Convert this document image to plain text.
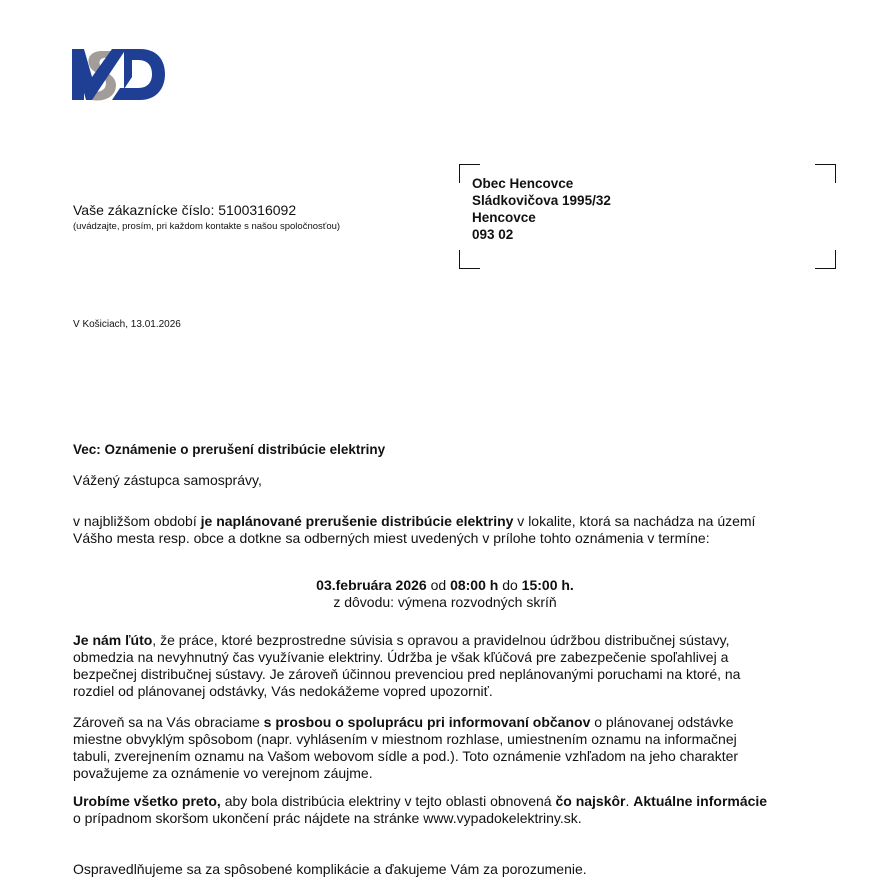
Vaše zákaznícke číslo: 5100316092
(uvádzajte, prosím, pri každom kontakte s našou spoločnosťou)
Obec Hencovce
Sládkovičova 1995/32
Hencovce
093 02
V Košiciach, 13.01.2026
Vec: Oznámenie o prerušení distribúcie elektriny
Vážený zástupca samosprávy,
v najbližšom období je naplánované prerušenie distribúcie elektriny v lokalite, ktorá sa nachádza na území Vášho mesta resp. obce a dotkne sa odberných miest uvedených v prílohe tohto oznámenia v termíne:
03.februára 2026 od 08:00 h do 15:00 h.
z dôvodu: výmena rozvodných skríň
Je nám ľúto, že práce, ktoré bezprostredne súvisia s opravou a pravidelnou údržbou distribučnej sústavy, obmedzia na nevyhnutný čas využívanie elektriny. Údržba je však kľúčová pre zabezpečenie spoľahlivej a bezpečnej distribučnej sústavy. Je zároveň účinnou prevenciou pred neplánovanými poruchami na ktoré, na rozdiel od plánovanej odstávky, Vás nedokážeme vopred upozorniť.
Zároveň sa na Vás obraciame s prosbou o spoluprácu pri informovaní občanov o plánovanej odstávke miestne obvyklým spôsobom (napr. vyhlásením v miestnom rozhlase, umiestnením oznamu na informačnej tabuli, zverejnením oznamu na Vašom webovom sídle a pod.). Toto oznámenie vzhľadom na jeho charakter považujeme za oznámenie vo verejnom záujme.
Urobíme všetko preto, aby bola distribúcia elektriny v tejto oblasti obnovená čo najskôr. Aktuálne informácie o prípadnom skoršom ukončení prác nájdete na stránke www.vypadokelektriny.sk.
Ospravedlňujeme sa za spôsobené komplikácie a ďakujeme Vám za porozumenie.
